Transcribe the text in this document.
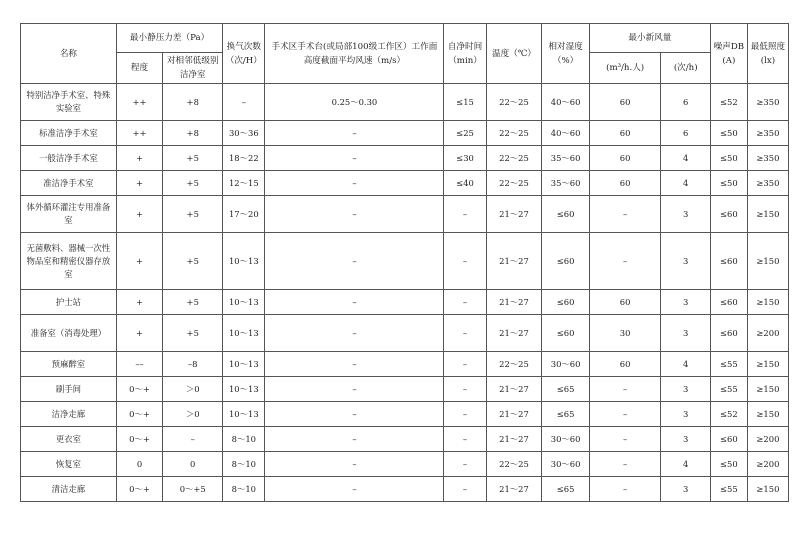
名称	最小静压力差（Pa）		换气次数（次/H）	手术区手术台(或局部100级工作区）工作面高度截面平均风速（m/s）	自净时间（min）	温度（℃）	相对湿度（%）	最小新风量		噪声DB(A)	最低照度(lx)
	程度	对相邻低级别洁净室						(m³/h.人)	(次/h)		
特别洁净手术室、特殊实验室	++	+8	–	0.25～0.30	≤15	22～25	40～60	60	6	≤52	≥350
标准洁净手术室	++	+8	30～36	–	≤25	22～25	40～60	60	6	≤50	≥350
一般洁净手术室	+	+5	18～22	–	≤30	22～25	35～60	60	4	≤50	≥350
准洁净手术室	+	+5	12～15	–	≤40	22～25	35～60	60	4	≤50	≥350
体外循环灌注专用准备室	+	+5	17～20	–	–	21～27	≤60	–	3	≤60	≥150
无菌敷料、器械一次性物品室和精密仪器存放室	+	+5	10～13	–	–	21～27	≤60	–	3	≤60	≥150
护士站	+	+5	10～13	–	–	21～27	≤60	60	3	≤60	≥150
准备室（消毒处理）	+	+5	10～13	–	–	21～27	≤60	30	3	≤60	≥200
预麻醉室	––	–8	10～13	–	–	22～25	30～60	60	4	≤55	≥150
刷手间	0～+	＞0	10～13	–	–	21～27	≤65	–	3	≤55	≥150
洁净走廊	0～+	＞0	10～13	–	–	21～27	≤65	–	3	≤52	≥150
更衣室	0～+	–	8～10	–	–	21～27	30～60	–	3	≤60	≥200
恢复室	0	0	8～10	–	–	22～25	30～60	–	4	≤50	≥200
清洁走廊	0～+	0～+5	8～10	–	–	21～27	≤65	–	3	≤55	≥150
